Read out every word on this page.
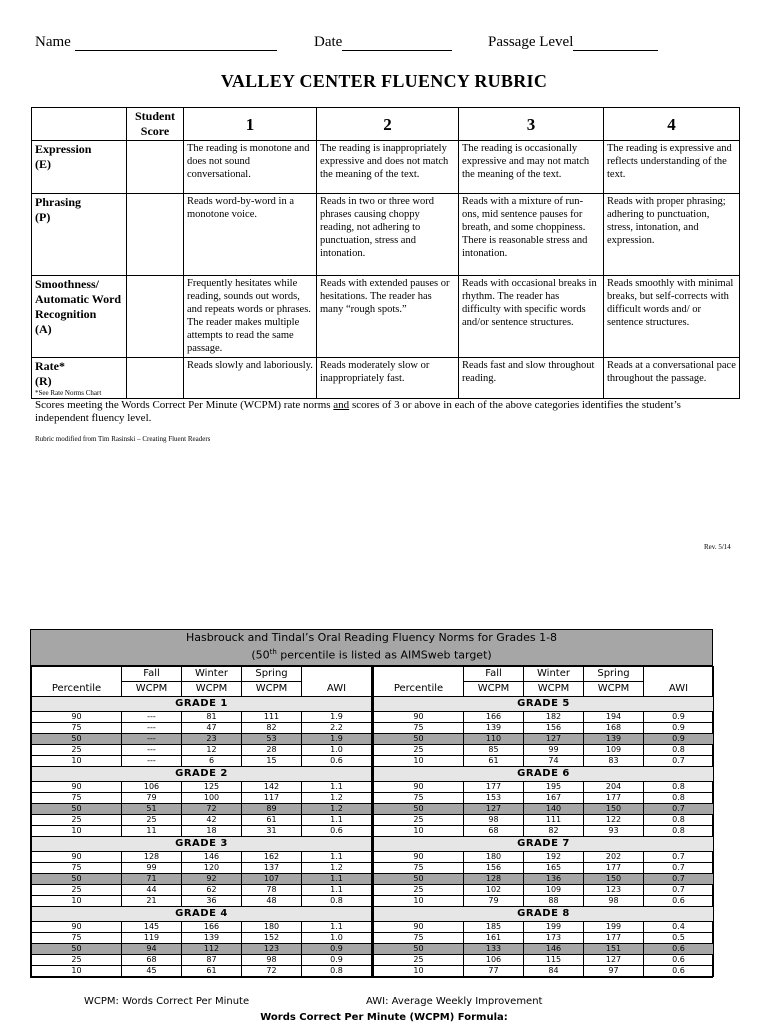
Name	Date	Passage Level
VALLEY CENTER FLUENCY RUBRIC
	Student Score	1	2	3	4

Expression
(E)		The reading is monotone and does not sound conversational.	The reading is inappropriately expressive and does not match the meaning of the text.	The reading is occasionally expressive and may not match the meaning of the text.	The reading is expressive and reflects understanding of the text.

Phrasing
(P)		Reads word-by-word in a monotone voice.	Reads in two or three word phrases causing choppy reading, not adhering to punctuation, stress and intonation.	Reads with a mixture of run-ons, mid sentence pauses for breath, and some choppiness. There is reasonable stress and intonation.	Reads with proper phrasing; adhering to punctuation, stress, intonation, and expression.

Smoothness/ Automatic Word Recognition
(A)		Frequently hesitates while reading, sounds out words, and repeats words or phrases. The reader makes multiple attempts to read the same passage.	Reads with extended pauses or hesitations. The reader has many “rough spots.”	Reads with occasional breaks in rhythm. The reader has difficulty with specific words and/or sentence structures.	Reads smoothly with minimal breaks, but self-corrects with difficult words and/ or sentence structures.

Rate*
(R)
*See Rate Norms Chart		Reads slowly and laboriously.	Reads moderately slow or inappropriately fast.	Reads fast and slow throughout reading.	Reads at a conversational pace throughout the passage.
Scores meeting the Words Correct Per Minute (WCPM) rate norms and scores of 3 or above in each of the above categories identifies the student’s independent fluency level.
Rubric modified from Tim Rasinski – Creating Fluent Readers
Rev. 5/14
Hasbrouck and Tindal’s Oral Reading Fluency Norms for Grades 1-8
(50th percentile is listed as AIMSweb target)
	Fall	Winter	Spring	
Percentile	WCPM	WCPM	WCPM	AWI
GRADE 1				
90	---	81	111	1.9
75	---	47	82	2.2
50	---	23	53	1.9
25	---	12	28	1.0
10	---	6	15	0.6
GRADE 2				
90	106	125	142	1.1
75	79	100	117	1.2
50	51	72	89	1.2
25	25	42	61	1.1
10	11	18	31	0.6
GRADE 3				
90	128	146	162	1.1
75	99	120	137	1.2
50	71	92	107	1.1
25	44	62	78	1.1
10	21	36	48	0.8
GRADE 4				
90	145	166	180	1.1
75	119	139	152	1.0
50	94	112	123	0.9
25	68	87	98	0.9
10	45	61	72	0.8
	Fall	Winter	Spring	
Percentile	WCPM	WCPM	WCPM	AWI
GRADE 5				
90	166	182	194	0.9
75	139	156	168	0.9
50	110	127	139	0.9
25	85	99	109	0.8
10	61	74	83	0.7
GRADE 6				
90	177	195	204	0.8
75	153	167	177	0.8
50	127	140	150	0.7
25	98	111	122	0.8
10	68	82	93	0.8
GRADE 7				
90	180	192	202	0.7
75	156	165	177	0.7
50	128	136	150	0.7
25	102	109	123	0.7
10	79	88	98	0.6
GRADE 8				
90	185	199	199	0.4
75	161	173	177	0.5
50	133	146	151	0.6
25	106	115	127	0.6
10	77	84	97	0.6
WCPM: Words Correct Per Minute	AWI: Average Weekly Improvement
Words Correct Per Minute (WCPM) Formula:
